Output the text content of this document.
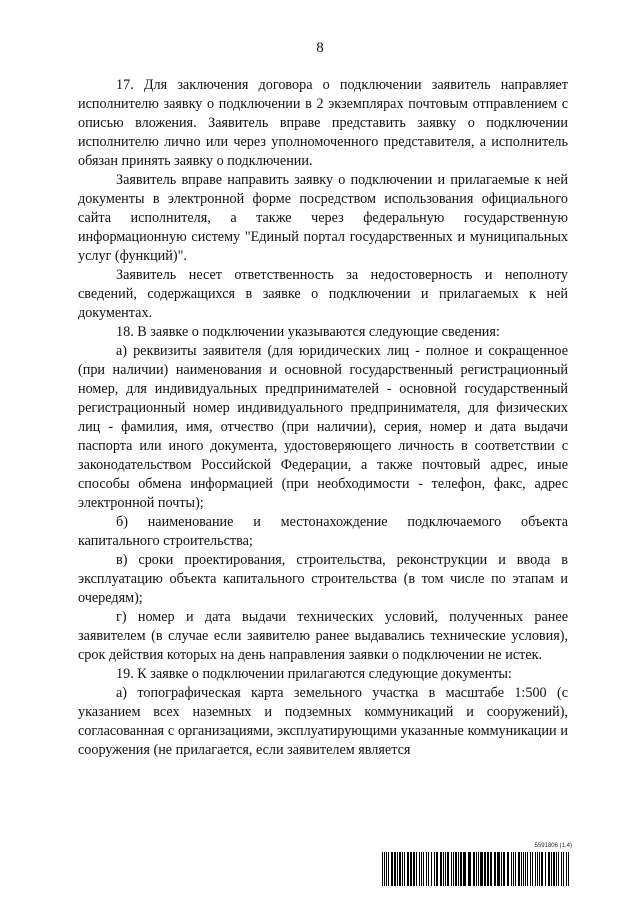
8

17. Для заключения договора о подключении заявитель направляет исполнителю заявку о подключении в 2 экземплярах почтовым отправлением с описью вложения. Заявитель вправе представить заявку о подключении исполнителю лично или через уполномоченного представителя, а исполнитель обязан принять заявку о подключении.

Заявитель вправе направить заявку о подключении и прилагаемые к ней документы в электронной форме посредством использования официального сайта исполнителя, а также через федеральную государственную информационную систему "Единый портал государственных и муниципальных услуг (функций)".

Заявитель несет ответственность за недостоверность и неполноту сведений, содержащихся в заявке о подключении и прилагаемых к ней документах.

18. В заявке о подключении указываются следующие сведения:

а) реквизиты заявителя (для юридических лиц - полное и сокращенное (при наличии) наименования и основной государственный регистрационный номер, для индивидуальных предпринимателей - основной государственный регистрационный номер индивидуального предпринимателя, для физических лиц - фамилия, имя, отчество (при наличии), серия, номер и дата выдачи паспорта или иного документа, удостоверяющего личность в соответствии с законодательством Российской Федерации, а также почтовый адрес, иные способы обмена информацией (при необходимости - телефон, факс, адрес электронной почты);

б) наименование и местонахождение подключаемого объекта капитального строительства;

в) сроки проектирования, строительства, реконструкции и ввода в эксплуатацию объекта капитального строительства (в том числе по этапам и очередям);

г) номер и дата выдачи технических условий, полученных ранее заявителем (в случае если заявителю ранее выдавались технические условия), срок действия которых на день направления заявки о подключении не истек.

19. К заявке о подключении прилагаются следующие документы:

а) топографическая карта земельного участка в масштабе 1:500 (с указанием всех наземных и подземных коммуникаций и сооружений), согласованная с организациями, эксплуатирующими указанные коммуникации и сооружения (не прилагается, если заявителем является

5591806 (1.4)
